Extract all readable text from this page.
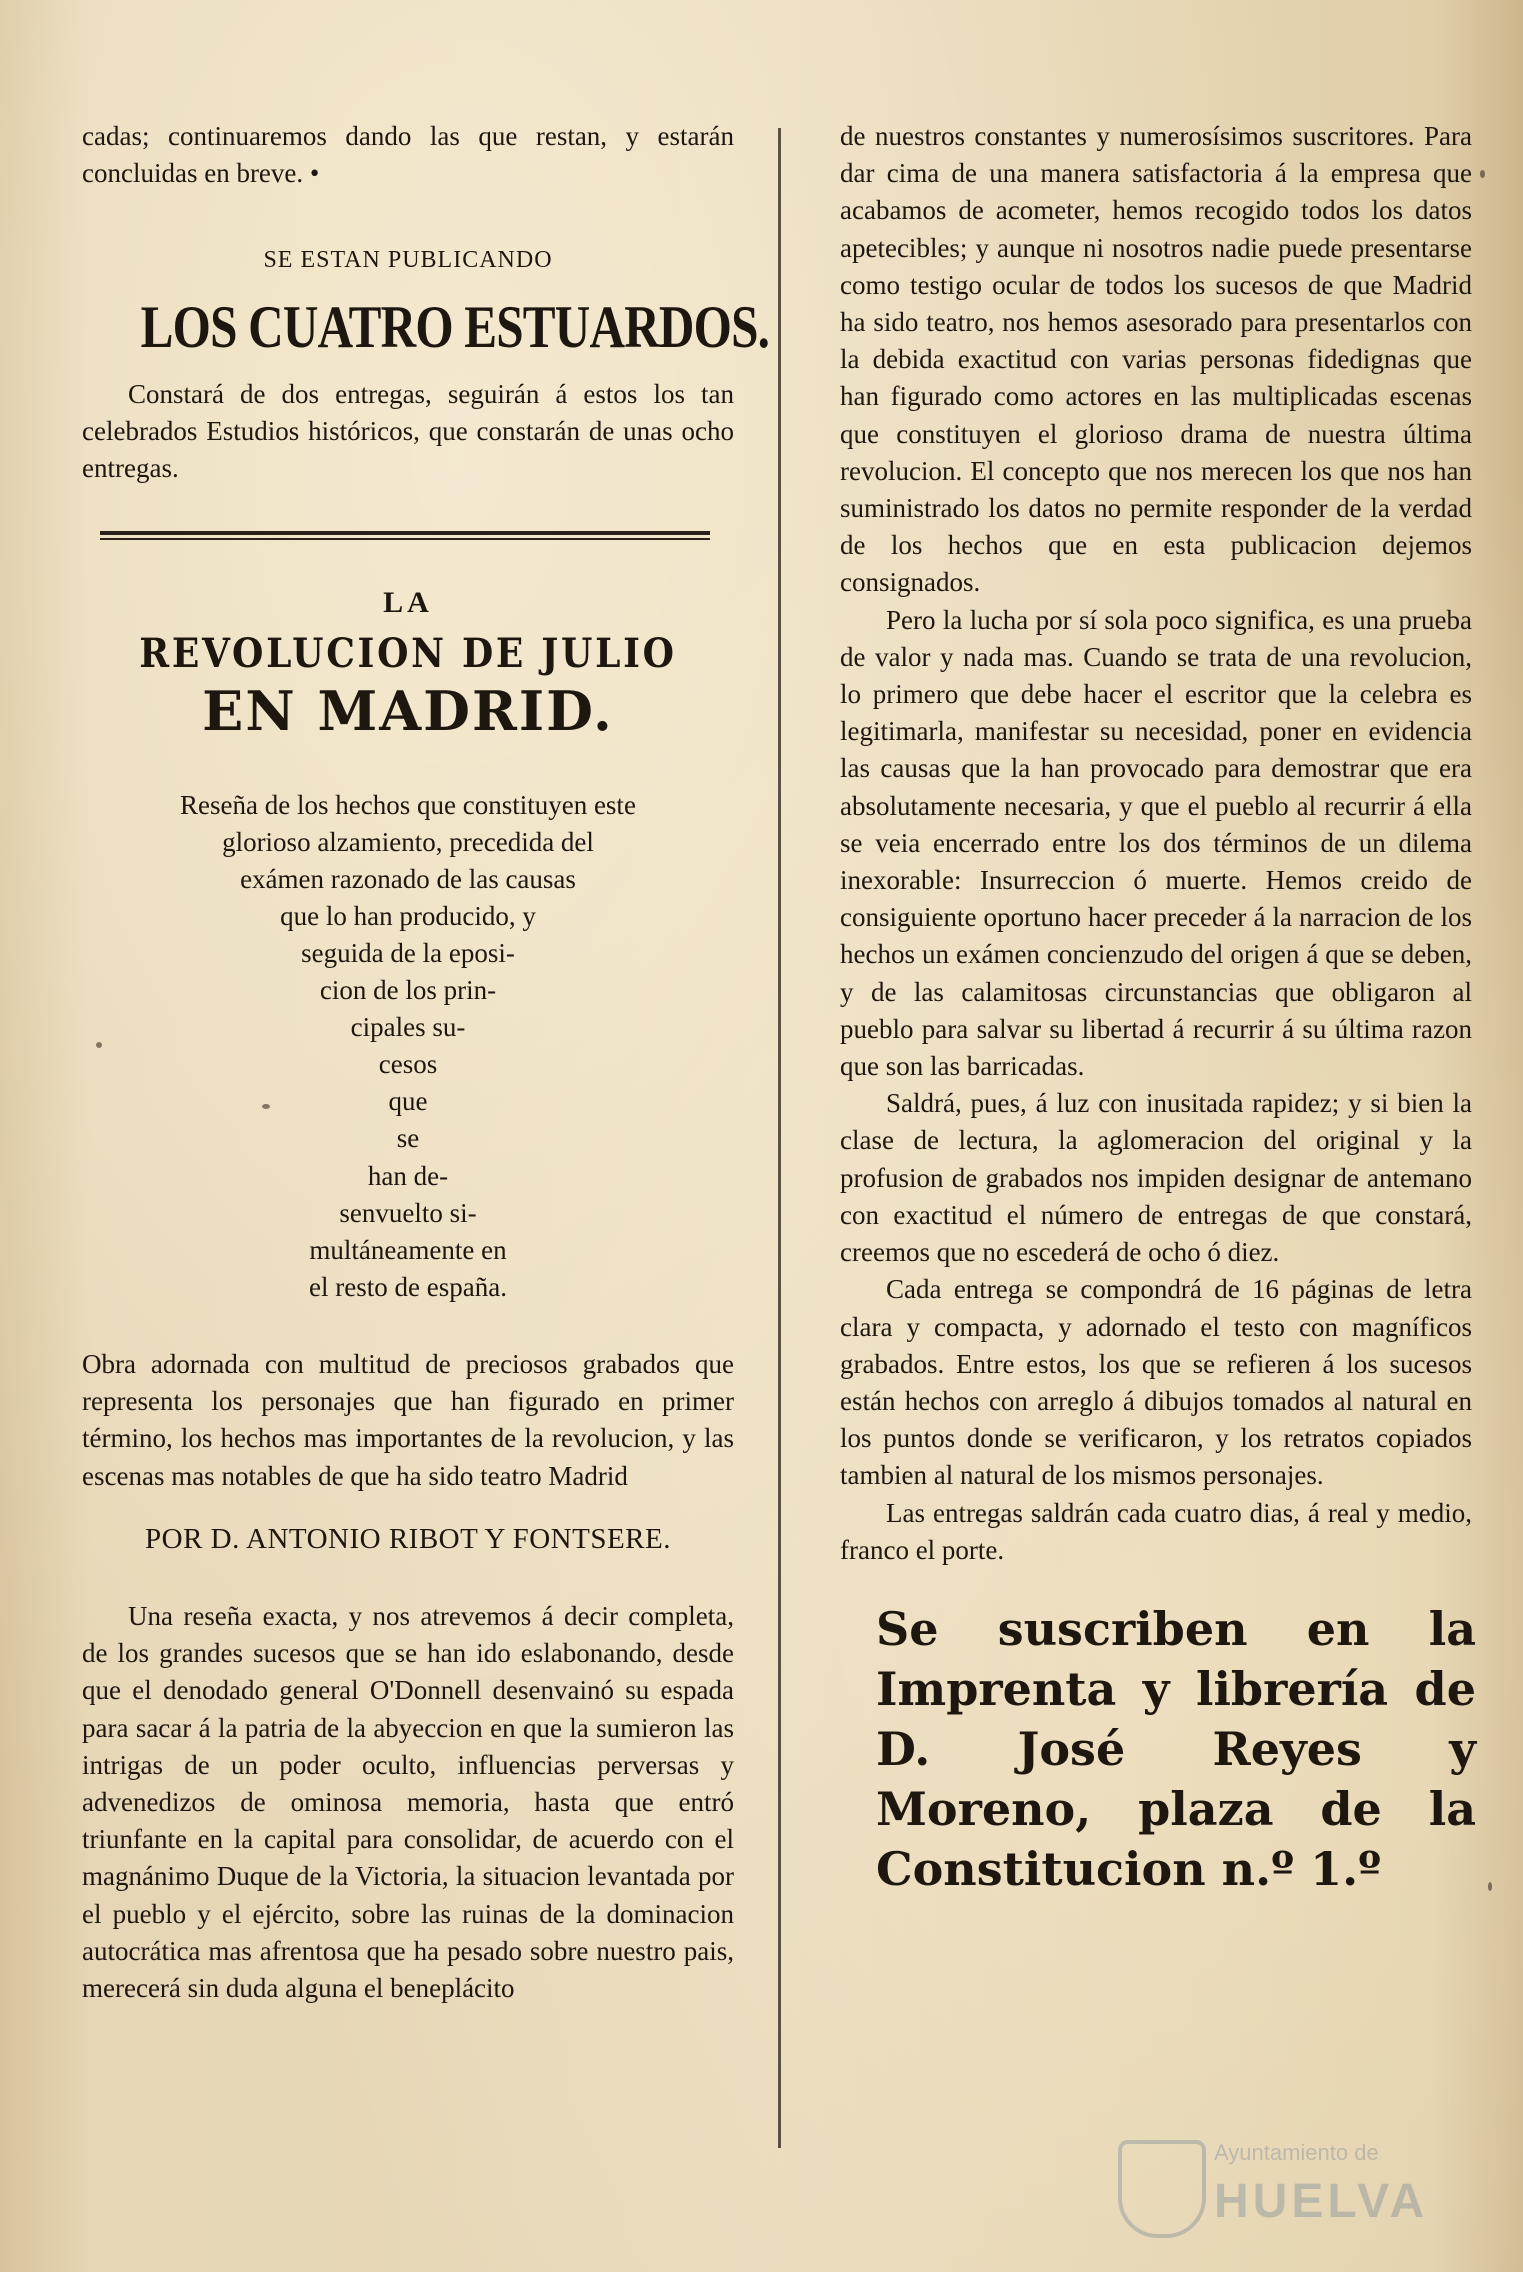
cadas; continuaremos dando las que restan, y estarán concluidas en breve. •

SE ESTAN PUBLICANDO

LOS CUATRO ESTUARDOS.

Constará de dos entregas, seguirán á estos los tan celebrados Estudios históricos, que constarán de unas ocho entregas.

LA

REVOLUCION DE JULIO

EN MADRID.

Reseña de los hechos que constituyen este
glorioso alzamiento, precedida del
exámen razonado de las causas
que lo han producido, y
seguida de la eposi-
cion de los prin-
cipales su-
cesos
que
se
han de-
senvuelto si-
multáneamente en
el resto de españa.

Obra adornada con multitud de preciosos grabados que representa los personajes que han figurado en primer término, los hechos mas importantes de la revolucion, y las escenas mas notables de que ha sido teatro Madrid

POR D. ANTONIO RIBOT Y FONTSERE.

Una reseña exacta, y nos atrevemos á decir completa, de los grandes sucesos que se han ido eslabonando, desde que el denodado general O'Donnell desenvainó su espada para sacar á la patria de la abyeccion en que la sumieron las intrigas de un poder oculto, influencias perversas y advenedizos de ominosa memoria, hasta que entró triunfante en la capital para consolidar, de acuerdo con el magnánimo Duque de la Victoria, la situacion levantada por el pueblo y el ejército, sobre las ruinas de la dominacion autocrática mas afrentosa que ha pesado sobre nuestro pais, merecerá sin duda alguna el beneplácito

de nuestros constantes y numerosísimos suscritores. Para dar cima de una manera satisfactoria á la empresa que acabamos de acometer, hemos recogido todos los datos apetecibles; y aunque ni nosotros nadie puede presentarse como testigo ocular de todos los sucesos de que Madrid ha sido teatro, nos hemos asesorado para presentarlos con la debida exactitud con varias personas fidedignas que han figurado como actores en las multiplicadas escenas que constituyen el glorioso drama de nuestra última revolucion. El concepto que nos merecen los que nos han suministrado los datos no permite responder de la verdad de los hechos que en esta publicacion dejemos consignados.

Pero la lucha por sí sola poco significa, es una prueba de valor y nada mas. Cuando se trata de una revolucion, lo primero que debe hacer el escritor que la celebra es legitimarla, manifestar su necesidad, poner en evidencia las causas que la han provocado para demostrar que era absolutamente necesaria, y que el pueblo al recurrir á ella se veia encerrado entre los dos términos de un dilema inexorable: Insurreccion ó muerte. Hemos creido de consiguiente oportuno hacer preceder á la narracion de los hechos un exámen concienzudo del origen á que se deben, y de las calamitosas circunstancias que obligaron al pueblo para salvar su libertad á recurrir á su última razon que son las barricadas.

Saldrá, pues, á luz con inusitada rapidez; y si bien la clase de lectura, la aglomeracion del original y la profusion de grabados nos impiden designar de antemano con exactitud el número de entregas de que constará, creemos que no escederá de ocho ó diez.

Cada entrega se compondrá de 16 páginas de letra clara y compacta, y adornado el testo con magníficos grabados. Entre estos, los que se refieren á los sucesos están hechos con arreglo á dibujos tomados al natural en los puntos donde se verificaron, y los retratos copiados tambien al natural de los mismos personajes.

Las entregas saldrán cada cuatro dias, á real y medio, franco el porte.

Se suscriben en la Imprenta y librería de D. José Reyes y Moreno, plaza de la Constitucion n.º 1.º

Ayuntamiento de
HUELVA
